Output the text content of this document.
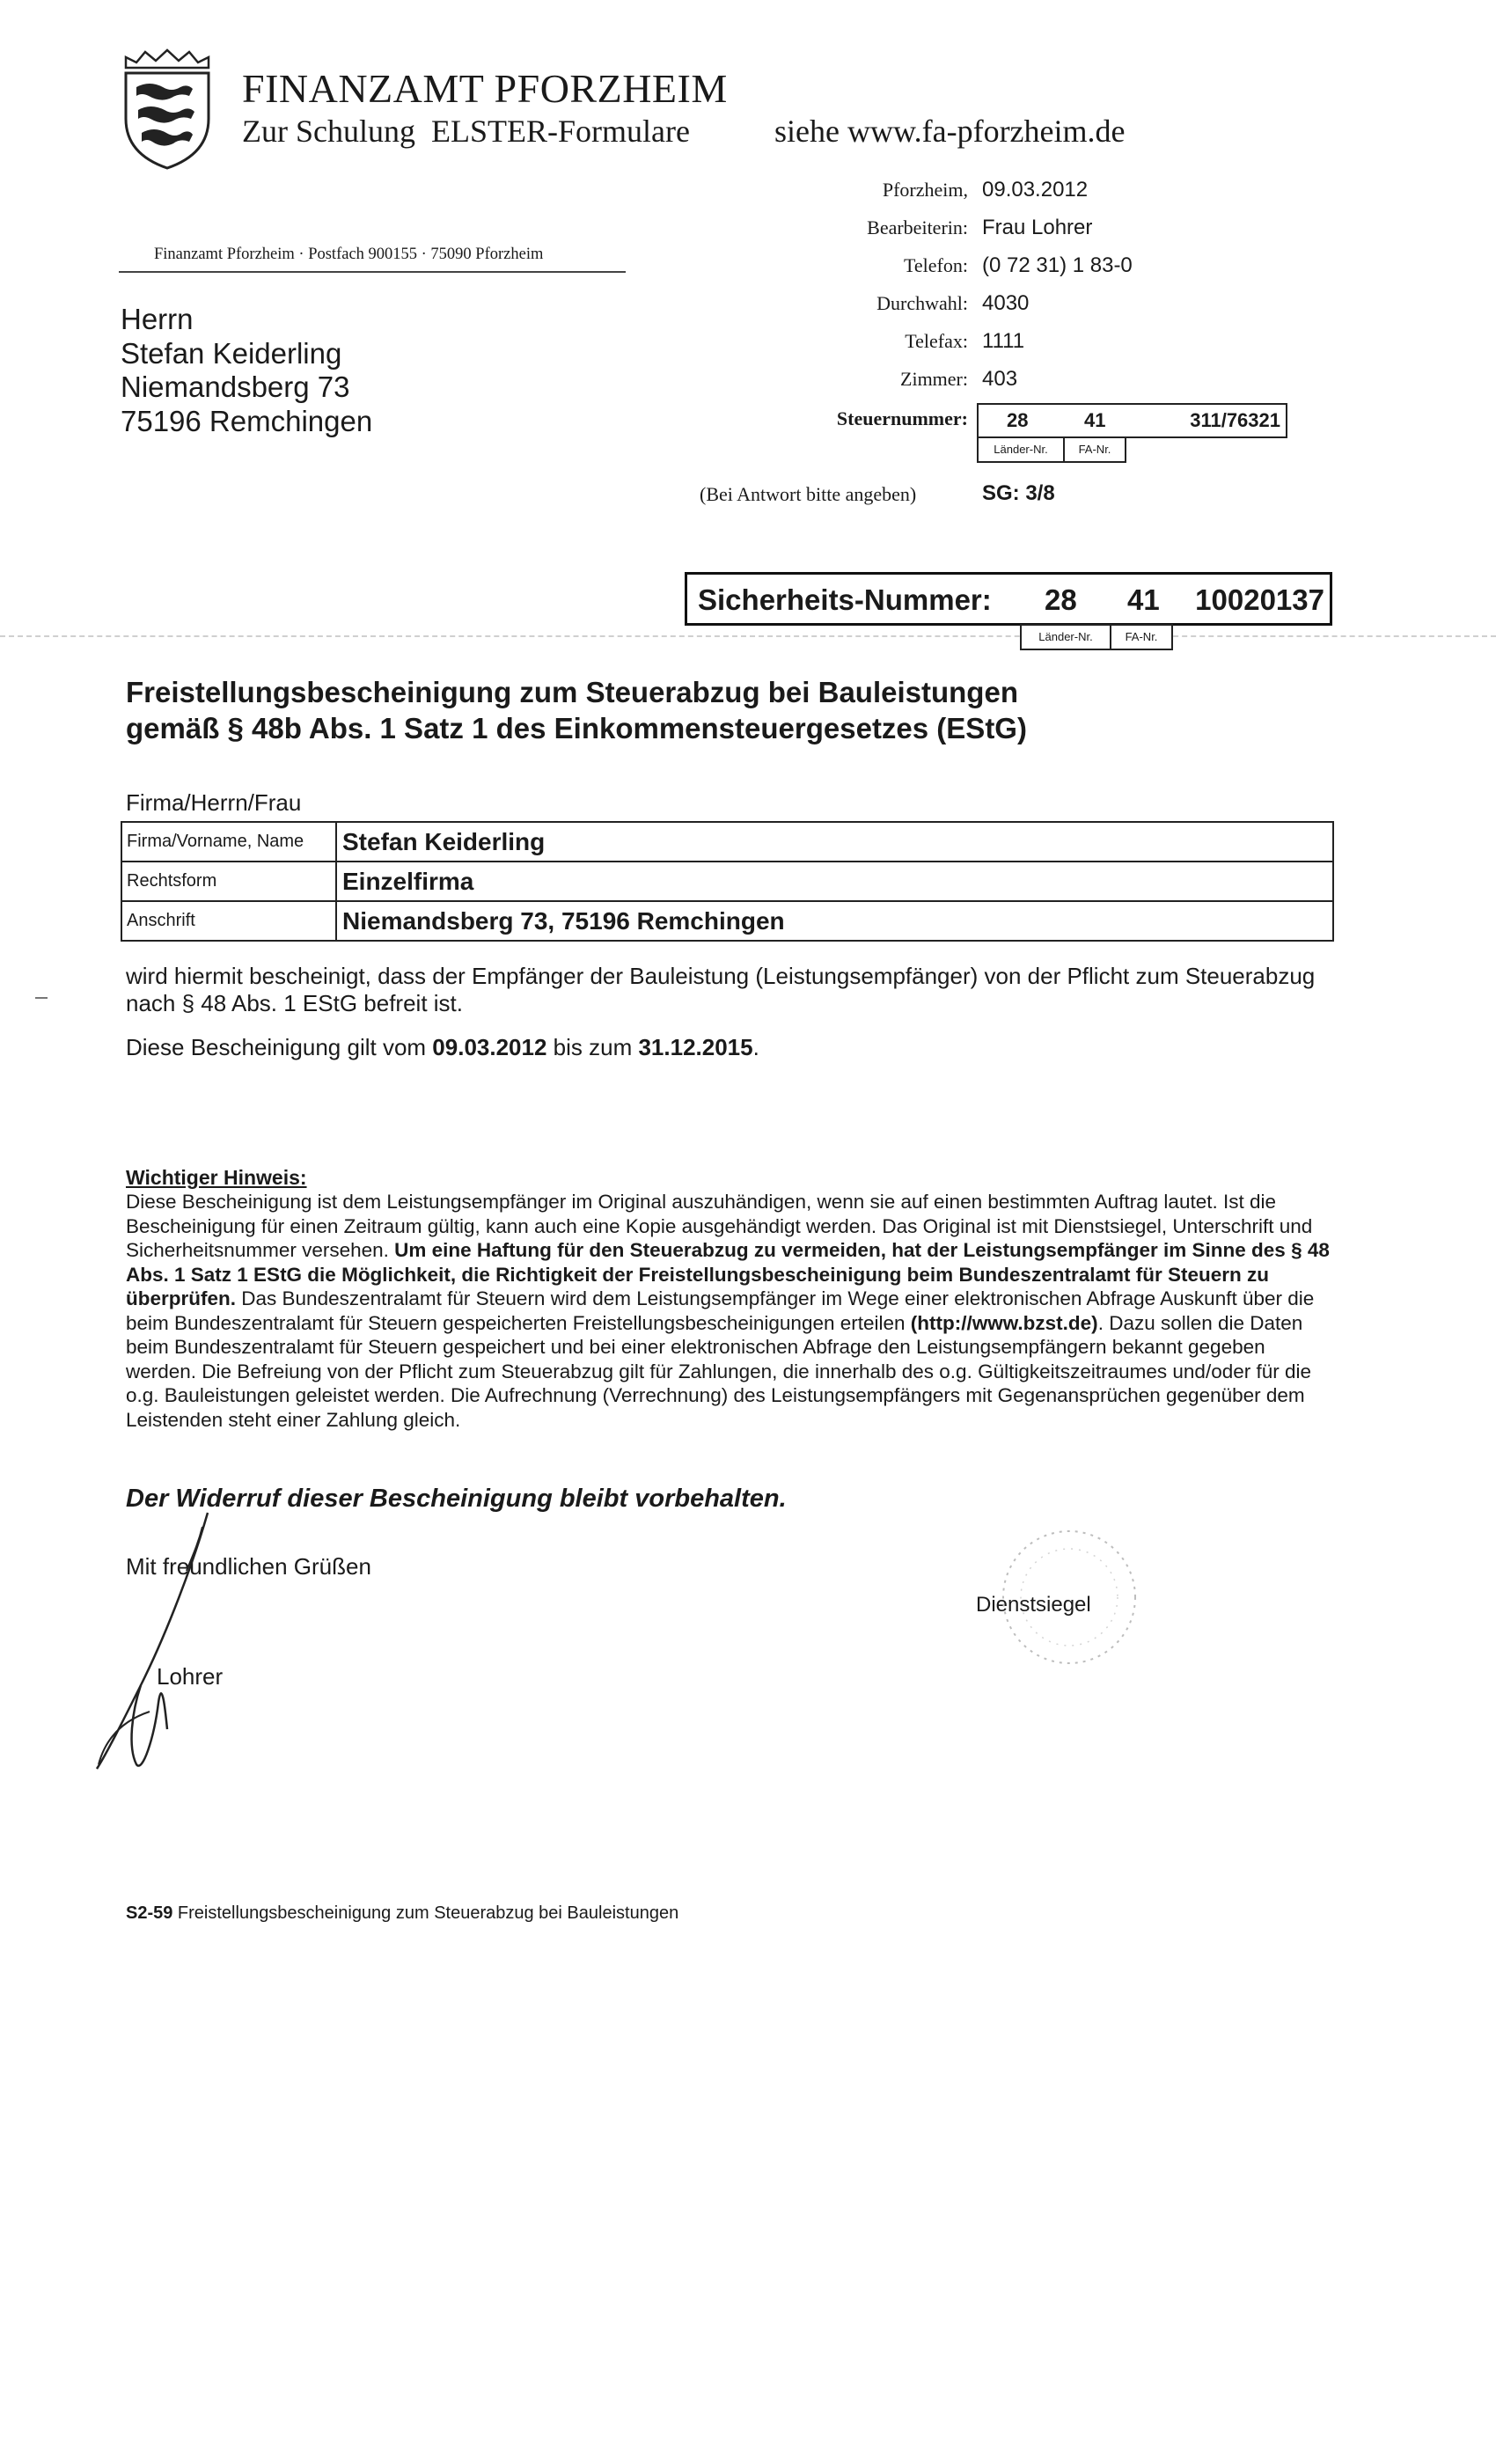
FINANZAMT PFORZHEIM
Zur Schulung  ELSTER-Formulare	siehe www.fa-pforzheim.de
Finanzamt Pforzheim · Postfach 900155 · 75090 Pforzheim
Herrn
Stefan Keiderling
Niemandsberg 73
75196 Remchingen
Pforzheim, 09.03.2012
Bearbeiterin: Frau Lohrer
Telefon: (0 72 31) 1 83-0
Durchwahl: 4030
Telefax: 1111
Zimmer: 403
Steuernummer: 28	41	311/76321
Länder-Nr.	FA-Nr.
(Bei Antwort bitte angeben)	SG: 3/8
Sicherheits-Nummer: 28 41 10020137
Länder-Nr.	FA-Nr.
Freistellungsbescheinigung zum Steuerabzug bei Bauleistungen
gemäß § 48b Abs. 1 Satz 1 des Einkommensteuergesetzes (EStG)
Firma/Herrn/Frau
Firma/Vorname, Name	Stefan Keiderling
Rechtsform	Einzelfirma
Anschrift	Niemandsberg 73, 75196 Remchingen
wird hiermit bescheinigt, dass der Empfänger der Bauleistung (Leistungsempfänger) von der Pflicht zum Steuerabzug nach § 48 Abs. 1 EStG befreit ist.
Diese Bescheinigung gilt vom 09.03.2012 bis zum 31.12.2015.
Wichtiger Hinweis:
Diese Bescheinigung ist dem Leistungsempfänger im Original auszuhändigen, wenn sie auf einen bestimmten Auftrag lautet. Ist die Bescheinigung für einen Zeitraum gültig, kann auch eine Kopie ausgehändigt werden. Das Original ist mit Dienstsiegel, Unterschrift und Sicherheitsnummer versehen. Um eine Haftung für den Steuerabzug zu vermeiden, hat der Leistungsempfänger im Sinne des § 48 Abs. 1 Satz 1 EStG die Möglichkeit, die Richtigkeit der Freistellungsbescheinigung beim Bundeszentralamt für Steuern zu überprüfen. Das Bundeszentralamt für Steuern wird dem Leistungsempfänger im Wege einer elektronischen Abfrage Auskunft über die beim Bundeszentralamt für Steuern gespeicherten Freistellungsbescheinigungen erteilen (http://www.bzst.de). Dazu sollen die Daten beim Bundeszentralamt für Steuern gespeichert und bei einer elektronischen Abfrage den Leistungsempfängern bekannt gegeben werden. Die Befreiung von der Pflicht zum Steuerabzug gilt für Zahlungen, die innerhalb des o.g. Gültigkeitszeitraumes und/oder für die o.g. Bauleistungen geleistet werden. Die Aufrechnung (Verrechnung) des Leistungsempfängers mit Gegenansprüchen gegenüber dem Leistenden steht einer Zahlung gleich.
Der Widerruf dieser Bescheinigung bleibt vorbehalten.
Mit freundlichen Grüßen
Lohrer
Dienstsiegel
S2-59 Freistellungsbescheinigung zum Steuerabzug bei Bauleistungen
